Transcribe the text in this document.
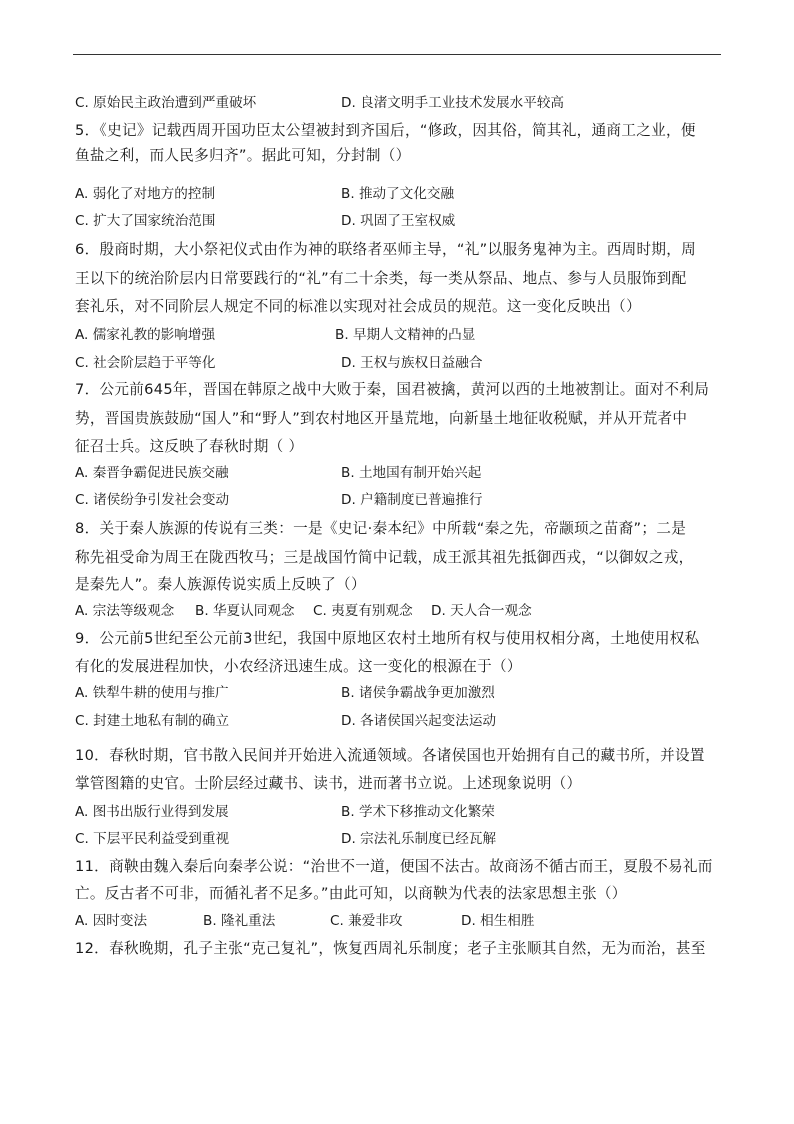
C. 原始民主政治遭到严重破坏	D. 良渚文明手工业技术发展水平较高
5．《史记》记载西周开国功臣太公望被封到齐国后，“修政，因其俗，简其礼，通商工之业，便
鱼盐之利，而人民多归齐”。据此可知，分封制（）
A. 弱化了对地方的控制	B. 推动了文化交融
C. 扩大了国家统治范围	D. 巩固了王室权威
6．殷商时期，大小祭祀仪式由作为神的联络者巫师主导，“礼”以服务鬼神为主。西周时期，周
王以下的统治阶层内日常要践行的“礼”有二十余类，每一类从祭品、地点、参与人员服饰到配
套礼乐，对不同阶层人规定不同的标准以实现对社会成员的规范。这一变化反映出（）
A. 儒家礼教的影响增强	B. 早期人文精神的凸显
C. 社会阶层趋于平等化	D. 王权与族权日益融合
7．公元前645年，晋国在韩原之战中大败于秦，国君被擒，黄河以西的土地被割让。面对不利局
势，晋国贵族鼓励“国人”和“野人”到农村地区开垦荒地，向新垦土地征收税赋，并从开荒者中
征召士兵。这反映了春秋时期（ ）
A. 秦晋争霸促进民族交融	B. 土地国有制开始兴起
C. 诸侯纷争引发社会变动	D. 户籍制度已普遍推行
8．关于秦人族源的传说有三类：一是《史记·秦本纪》中所载“秦之先，帝颛顼之苗裔”；二是
称先祖受命为周王在陇西牧马；三是战国竹简中记载，成王派其祖先抵御西戎，“以御奴之戎，
是秦先人”。秦人族源传说实质上反映了（）
A. 宗法等级观念 B. 华夏认同观念 C. 夷夏有别观念 D. 天人合一观念
9．公元前5世纪至公元前3世纪，我国中原地区农村土地所有权与使用权相分离，土地使用权私
有化的发展进程加快，小农经济迅速生成。这一变化的根源在于（）
A. 铁犁牛耕的使用与推广	B. 诸侯争霸战争更加激烈
C. 封建土地私有制的确立	D. 各诸侯国兴起变法运动
10．春秋时期，官书散入民间并开始进入流通领域。各诸侯国也开始拥有自己的藏书所，并设置
掌管图籍的史官。士阶层经过藏书、读书，进而著书立说。上述现象说明（）
A. 图书出版行业得到发展	B. 学术下移推动文化繁荣
C. 下层平民利益受到重视	D. 宗法礼乐制度已经瓦解
11．商鞅由魏入秦后向秦孝公说：“治世不一道，便国不法古。故商汤不循古而王，夏殷不易礼而
亡。反古者不可非，而循礼者不足多。”由此可知，以商鞅为代表的法家思想主张（）
A. 因时变法	B. 隆礼重法	C. 兼爱非攻	D. 相生相胜
12．春秋晚期，孔子主张“克己复礼”，恢复西周礼乐制度；老子主张顺其自然，无为而治，甚至
